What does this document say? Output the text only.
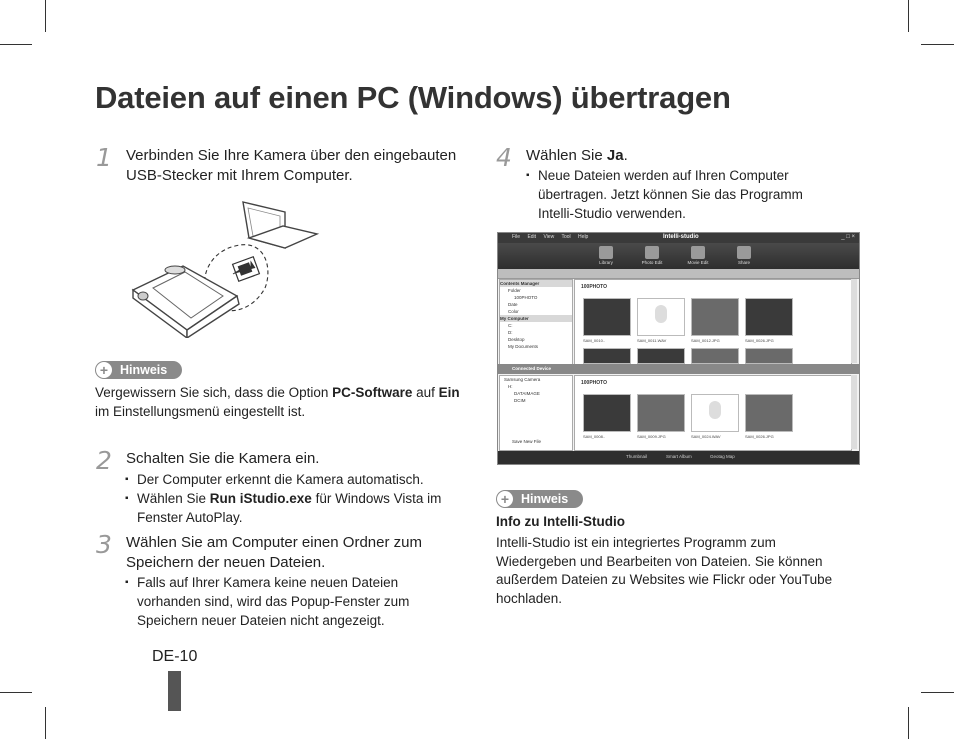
Dateien auf einen PC (Windows) übertragen
1 Verbinden Sie Ihre Kamera über den eingebauten USB-Stecker mit Ihrem Computer.
+ Hinweis
Vergewissern Sie sich, dass die Option PC-Software auf Ein im Einstellungsmenü eingestellt ist.
2 Schalten Sie die Kamera ein.
▪ Der Computer erkennt die Kamera automatisch.
▪ Wählen Sie Run iStudio.exe für Windows Vista im Fenster AutoPlay.
3 Wählen Sie am Computer einen Ordner zum Speichern der neuen Dateien.
▪ Falls auf Ihrer Kamera keine neuen Dateien vorhanden sind, wird das Popup-Fenster zum Speichern neuer Dateien nicht angezeigt.
DE-10
4 Wählen Sie Ja.
▪ Neue Dateien werden auf Ihren Computer übertragen. Jetzt können Sie das Programm Intelli-Studio verwenden.
File Edit View Tool Help	Intelli-studio	_ □ ×
Library	Photo Edit	Movie Edit	Share
Contents Manager
Folder
100PHOTO
Date
Color
My Computer
C:
D:
Desktop
My Documents
100PHOTO
SAM_0010..	SAM_0011.WAV	SAM_0012.JPG	SAM_0026.JPG
Connected Device
Samsung Camera
H:
DATAIMAGE
DCIM
Save New File
100PHOTO
SAM_0008..	SAM_0009.JPG	SAM_0024.WAV	SAM_0026.JPG
Thumbnail	Smart Album	Geotag Map
+ Hinweis
Info zu Intelli-Studio
Intelli-Studio ist ein integriertes Programm zum Wiedergeben und Bearbeiten von Dateien. Sie können außerdem Dateien zu Websites wie Flickr oder YouTube hochladen.
